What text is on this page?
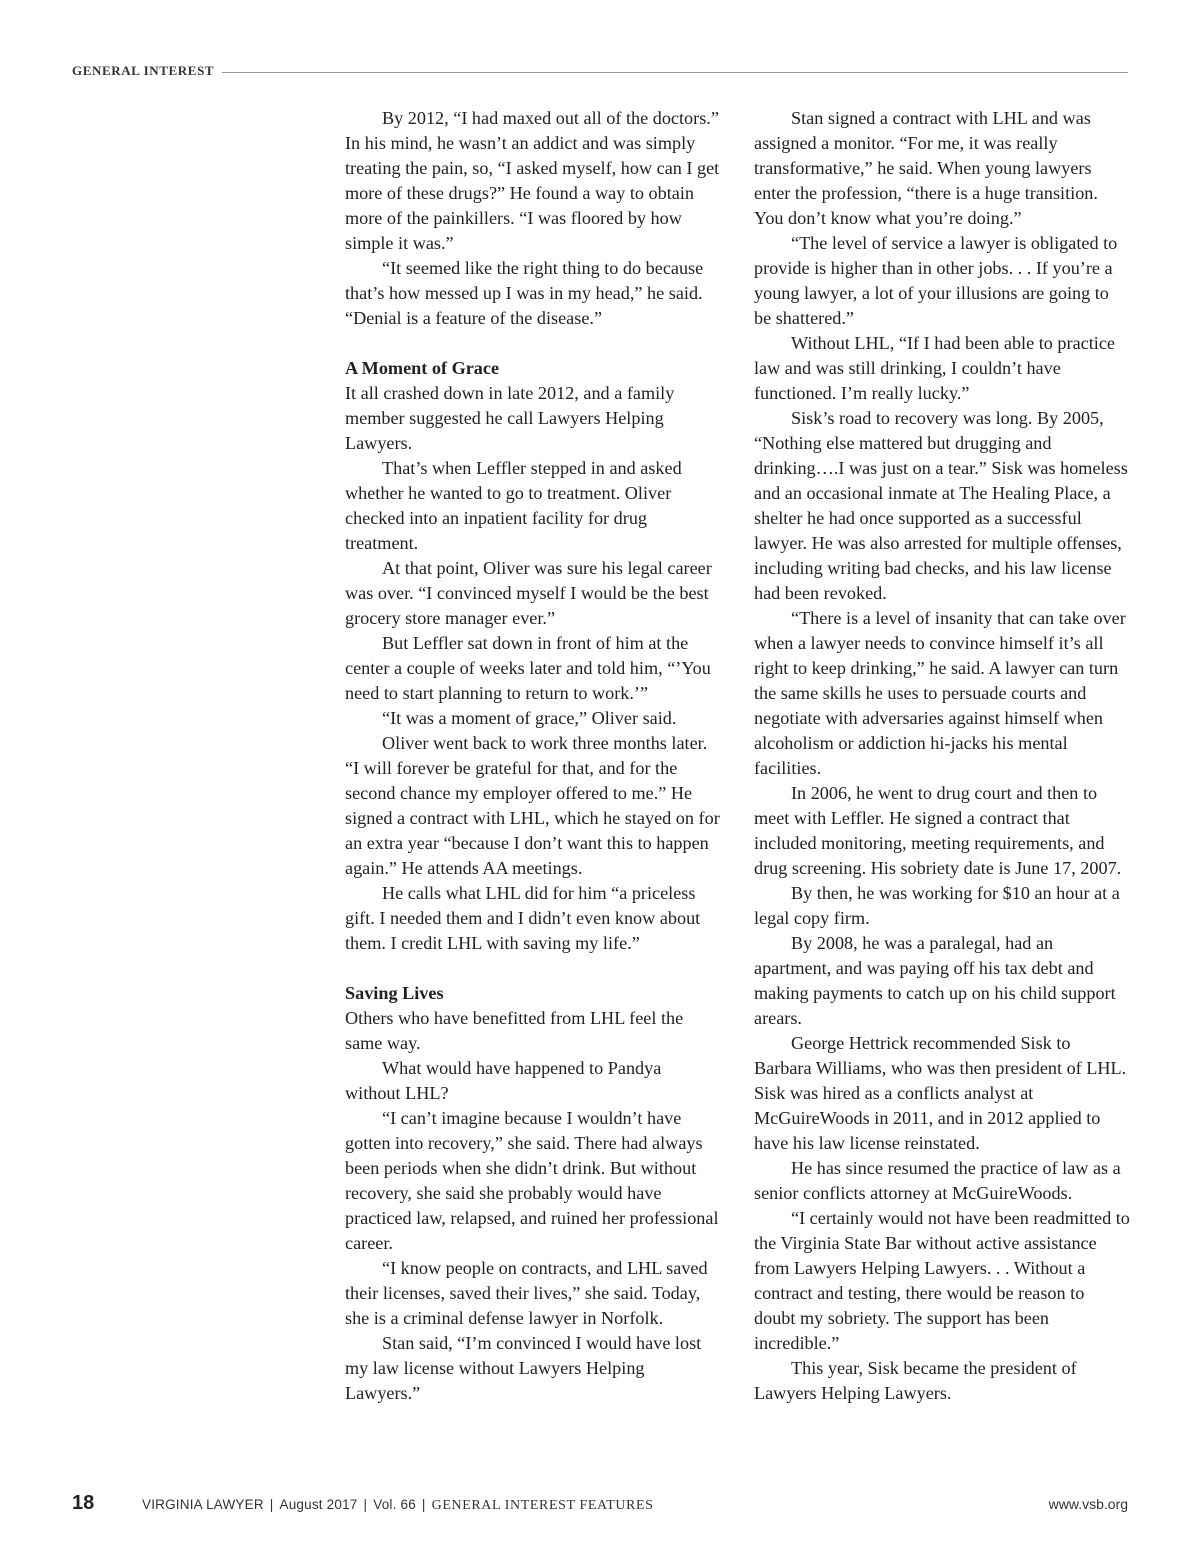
GENERAL INTEREST

By 2012, “I had maxed out all of the doctors.” In his mind, he wasn’t an addict and was simply treating the pain, so, “I asked myself, how can I get more of these drugs?” He found a way to obtain more of the painkillers. “I was floored by how simple it was.”

“It seemed like the right thing to do because that’s how messed up I was in my head,” he said. “Denial is a feature of the disease.”

A Moment of Grace

It all crashed down in late 2012, and a family member suggested he call Lawyers Helping Lawyers.

That’s when Leffler stepped in and asked whether he wanted to go to treatment. Oliver checked into an inpatient facility for drug treatment.

At that point, Oliver was sure his legal career was over. “I convinced myself I would be the best grocery store manager ever.”

But Leffler sat down in front of him at the center a couple of weeks later and told him, “’You need to start planning to return to work.’”

“It was a moment of grace,” Oliver said.

Oliver went back to work three months later. “I will forever be grateful for that, and for the second chance my employer offered to me.” He signed a contract with LHL, which he stayed on for an extra year “because I don’t want this to happen again.” He attends AA meetings.

He calls what LHL did for him “a priceless gift. I needed them and I didn’t even know about them. I credit LHL with saving my life.”

Saving Lives

Others who have benefitted from LHL feel the same way.

What would have happened to Pandya without LHL?

“I can’t imagine because I wouldn’t have gotten into recovery,” she said. There had always been periods when she didn’t drink. But without recovery, she said she probably would have practiced law, relapsed, and ruined her professional career.

“I know people on contracts, and LHL saved their licenses, saved their lives,” she said. Today, she is a criminal defense lawyer in Norfolk.

Stan said, “I’m convinced I would have lost my law license without Lawyers Helping Lawyers.”

Stan signed a contract with LHL and was assigned a monitor. “For me, it was really transformative,” he said. When young lawyers enter the profession, “there is a huge transition. You don’t know what you’re doing.”

“The level of service a lawyer is obligated to provide is higher than in other jobs. . . If you’re a young lawyer, a lot of your illusions are going to be shattered.”

Without LHL, “If I had been able to practice law and was still drinking, I couldn’t have functioned. I’m really lucky.”

Sisk’s road to recovery was long. By 2005, “Nothing else mattered but drugging and drinking….I was just on a tear.” Sisk was homeless and an occasional inmate at The Healing Place, a shelter he had once supported as a successful lawyer. He was also arrested for multiple offenses, including writing bad checks, and his law license had been revoked.

“There is a level of insanity that can take over when a lawyer needs to convince himself it’s all right to keep drinking,” he said. A lawyer can turn the same skills he uses to persuade courts and negotiate with adversaries against himself when alcoholism or addiction hi-jacks his mental facilities.

In 2006, he went to drug court and then to meet with Leffler. He signed a contract that included monitoring, meeting requirements, and drug screening. His sobriety date is June 17, 2007.

By then, he was working for $10 an hour at a legal copy firm.

By 2008, he was a paralegal, had an apartment, and was paying off his tax debt and making payments to catch up on his child support arears.

George Hettrick recommended Sisk to Barbara Williams, who was then president of LHL. Sisk was hired as a conflicts analyst at McGuireWoods in 2011, and in 2012 applied to have his law license reinstated.

He has since resumed the practice of law as a senior conflicts attorney at McGuireWoods.

“I certainly would not have been readmitted to the Virginia State Bar without active assistance from Lawyers Helping Lawyers. . . Without a contract and testing, there would be reason to doubt my sobriety. The support has been incredible.”

This year, Sisk became the president of Lawyers Helping Lawyers.

18	VIRGINIA LAWYER | August 2017 | Vol. 66 | GENERAL INTEREST FEATURES	www.vsb.org
